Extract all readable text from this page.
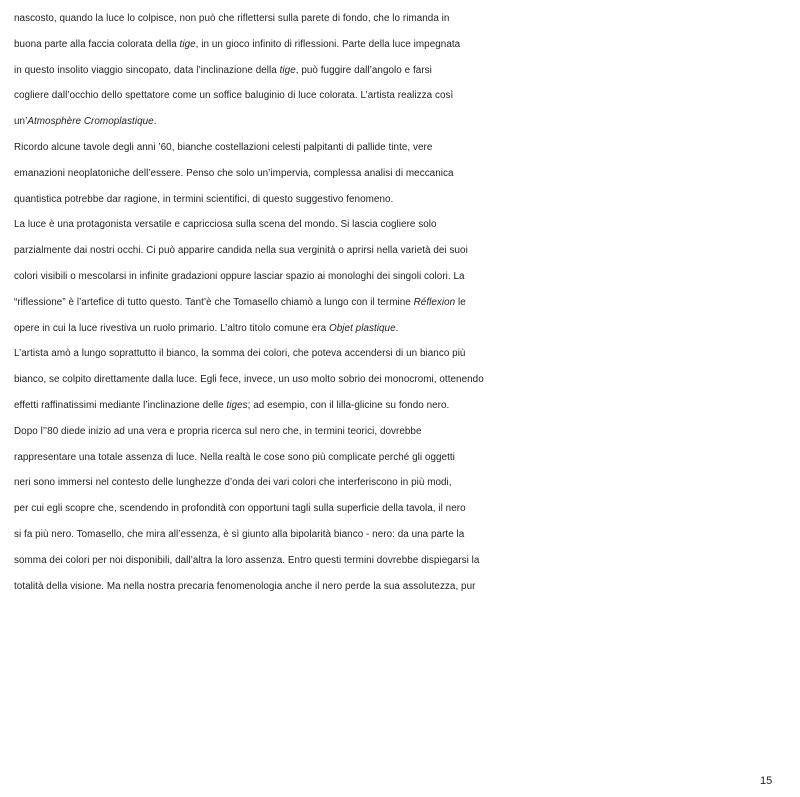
nascosto, quando la luce lo colpisce, non può che riflettersi sulla parete di fondo, che lo rimanda in
buona parte alla faccia colorata della tige, in un gioco infinito di riflessioni. Parte della luce impegnata
in questo insolito viaggio sincopato, data l’inclinazione della tige, può fuggire dall’angolo e farsi
cogliere dall’occhio dello spettatore come un soffice baluginio di luce colorata. L’artista realizza così
un’Atmosphère Cromoplastique.
Ricordo alcune tavole degli anni ’60, bianche costellazioni celesti palpitanti di pallide tinte, vere
emanazioni neoplatoniche dell’essere. Penso che solo un’impervia, complessa analisi di meccanica
quantistica potrebbe dar ragione, in termini scientifici, di questo suggestivo fenomeno.
La luce è una protagonista versatile e capricciosa sulla scena del mondo. Si lascia cogliere solo
parzialmente dai nostri occhi. Ci può apparire candida nella sua verginità o aprirsi nella varietà dei suoi
colori visibili o mescolarsi in infinite gradazioni oppure lasciar spazio ai monologhi dei singoli colori. La
“riflessione” è l’artefice di tutto questo. Tant’è che Tomasello chiamò a lungo con il termine Réflexion le
opere in cui la luce rivestiva un ruolo primario. L’altro titolo comune era Objet plastique.
L’artista amò a lungo soprattutto il bianco, la somma dei colori, che poteva accendersi di un bianco più
bianco, se colpito direttamente dalla luce. Egli fece, invece, un uso molto sobrio dei monocromi, ottenendo
effetti raffinatissimi mediante l’inclinazione delle tiges; ad esempio, con il lilla-glicine su fondo nero.
Dopo l’’80 diede inizio ad una vera e propria ricerca sul nero che, in termini teorici, dovrebbe
rappresentare una totale assenza di luce. Nella realtà le cose sono più complicate perché gli oggetti
neri sono immersi nel contesto delle lunghezze d’onda dei vari colori che interferiscono in più modi,
per cui egli scopre che, scendendo in profondità con opportuni tagli sulla superficie della tavola, il nero
si fa più nero. Tomasello, che mira all’essenza, è sì giunto alla bipolarità bianco - nero: da una parte la
somma dei colori per noi disponibili, dall’altra la loro assenza. Entro questi termini dovrebbe dispiegarsi la
totalità della visione. Ma nella nostra precaria fenomenologia anche il nero perde la sua assolutezza, pur
15
